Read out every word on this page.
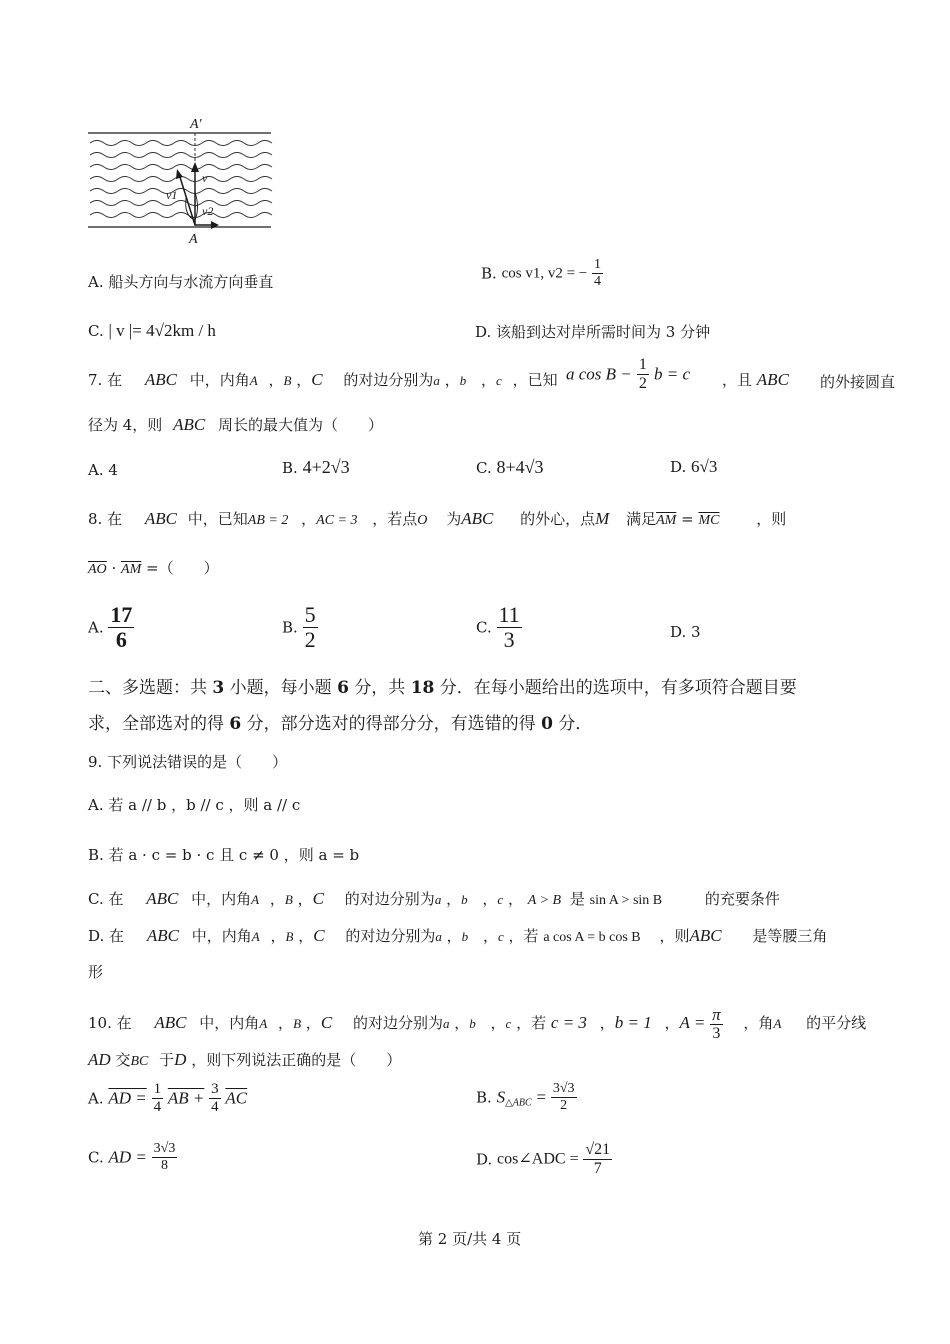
A′
A
v
v1
v2
A. 船头方向与水流方向垂直	B. cos v1, v2 = − $\frac{1}{4}$
C. | v |= 4√2km / h	D. 该船到达对岸所需时间为 3 分钟
7. 在 ABC 中，内角A ，B ，C 的对边分别为a ，b ，c ，已知 a $\cos B - \frac{1}{2}$ b = c ，且 ABC 的外接圆直
径为 4，则 ABC 周长的最大值为（　　）
A. 4	B. 4+2√3	C. 8+4√3	D. 6√3
8. 在 ABC 中，已知AB = 2 ，AC = 3 ，若点O 为ABC 的外心，点M 满足$\overline{AM} = \overline{MC}$ ，则
$\overline{AO} \cdot \overline{AM}$ =（　　）
A. $\frac{17}{6}$	B. $\frac{5}{2}$	C. $\frac{11}{3}$	D. 3
二、多选题：共 3 小题，每小题 6 分，共 18 分．在每小题给出的选项中，有多项符合题目要
求，全部选对的得 6 分，部分选对的得部分分，有选错的得 0 分．
9. 下列说法错误的是（　　）
A. 若 a // b ，b // c ，则 a // c
B. 若 a · c = b · c 且 c ≠ 0 ，则 a = b
C. 在 ABC 中，内角A ，B ，C 的对边分别为a ，b ，c ， A > B 是 sin A > sin B	的充要条件
D. 在 ABC 中，内角A ，B ，C 的对边分别为a ，b ，c ，若 a cos A = b cos B ，则ABC 是等腰三角
形
10. 在 ABC 中，内角A ，B ，C 的对边分别为a ，b ，c ，若 c = 3 ，b = 1 ，$A = \frac{\pi}{3}$ ，角A 的平分线
AD 交BC 于D ，则下列说法正确的是（　　）
A. AD = $\frac{1}{4}$ AB + $\frac{3}{4} \overline{AC}$	B. $S_{\triangle ABC} = \frac{3√3}{2}$
C. AD = $\frac{3√3}{8}$	D. cos∠ADC = $\frac{√21}{7}$
第 2 页/共 4 页
